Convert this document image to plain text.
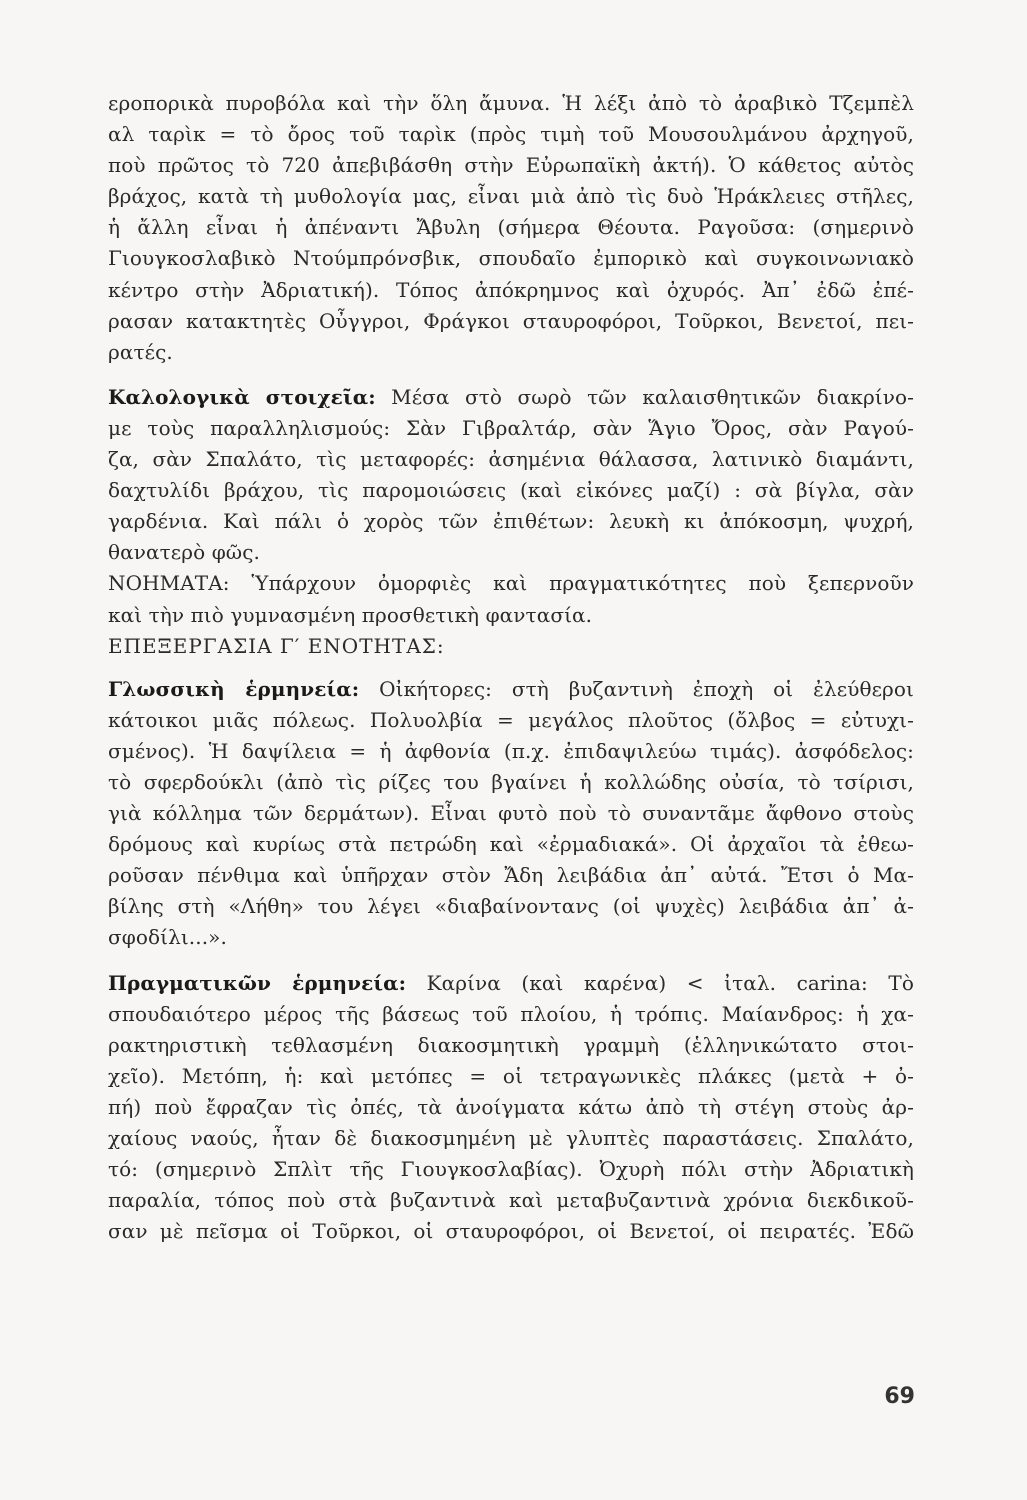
εροπορικὰ πυροβόλα καὶ τὴν ὅλη ἄμυνα. Ἡ λέξι ἀπὸ τὸ ἀραβικὸ Τζεμπὲλ
αλ ταρὶκ = τὸ ὄρος τοῦ ταρὶκ (πρὸς τιμὴ τοῦ Μουσουλμάνου ἀρχηγοῦ,
ποὺ πρῶτος τὸ 720 ἀπεβιβάσθη στὴν Εὐρωπαϊκὴ ἀκτή). Ὁ κάθετος αὐτὸς
βράχος, κατὰ τὴ μυθολογία μας, εἶναι μιὰ ἀπὸ τὶς δυὸ Ἡράκλειες στῆλες,
ἡ ἄλλη εἶναι ἡ ἀπέναντι Ἄβυλη (σήμερα Θέουτα. Ραγοῦσα: (σημερινὸ
Γιουγκοσλαβικὸ Ντούμπρόνσβικ, σπουδαῖο ἐμπορικὸ καὶ συγκοινωνιακὸ
κέντρο στὴν Ἀδριατική). Τόπος ἀπόκρημνος καὶ ὀχυρός. Ἀπ᾽ ἐδῶ ἐπέ-
ρασαν κατακτητὲς Οὖγγροι, Φράγκοι σταυροφόροι, Τοῦρκοι, Βενετοί, πει-
ρατές.
Καλολογικὰ στοιχεῖα: Μέσα στὸ σωρὸ τῶν καλαισθητικῶν διακρίνο-
με τοὺς παραλληλισμούς: Σὰν Γιβραλτάρ, σὰν Ἅγιο Ὄρος, σὰν Ραγού-
ζα, σὰν Σπαλάτο, τὶς μεταφορές: ἀσημένια θάλασσα, λατινικὸ διαμάντι,
δαχτυλίδι βράχου, τὶς παρομοιώσεις (καὶ εἰκόνες μαζί) : σὰ βίγλα, σὰν
γαρδένια. Καὶ πάλι ὁ χορὸς τῶν ἐπιθέτων: λευκὴ κι ἀπόκοσμη, ψυχρή,
θανατερὸ φῶς.
ΝΟΗΜΑΤΑ: Ὑπάρχουν ὀμορφιὲς καὶ πραγματικότητες ποὺ ξεπερνοῦν
καὶ τὴν πιὸ γυμνασμένη προσθετικὴ φαντασία.
ΕΠΕΞΕΡΓΑΣΙΑ Γ′ ΕΝΟΤΗΤΑΣ:
Γλωσσικὴ ἑρμηνεία: Οἰκήτορες: στὴ βυζαντινὴ ἐποχὴ οἱ ἐλεύθεροι
κάτοικοι μιᾶς πόλεως. Πολυολβία = μεγάλος πλοῦτος (ὄλβος = εὐτυχι-
σμένος). Ἡ δαψίλεια = ἡ ἀφθονία (π.χ. ἐπιδαψιλεύω τιμάς). ἀσφόδελος:
τὸ σφερδούκλι (ἀπὸ τὶς ρίζες του βγαίνει ἡ κολλώδης οὐσία, τὸ τσίρισι,
γιὰ κόλλημα τῶν δερμάτων). Εἶναι φυτὸ ποὺ τὸ συναντᾶμε ἄφθονο στοὺς
δρόμους καὶ κυρίως στὰ πετρώδη καὶ «ἐρμαδιακά». Οἱ ἀρχαῖοι τὰ ἐθεω-
ροῦσαν πένθιμα καὶ ὑπῆρχαν στὸν Ἄδη λειβάδια ἀπ᾽ αὐτά. Ἔτσι ὁ Μα-
βίλης στὴ «Λήθη» του λέγει «διαβαίνοντανς (οἱ ψυχὲς) λειβάδια ἀπ᾽ ἀ-
σφοδίλι...».
Πραγματικῶν ἑρμηνεία: Καρίνα (καὶ καρένα) < ἰταλ. carina: Τὸ
σπουδαιότερο μέρος τῆς βάσεως τοῦ πλοίου, ἡ τρόπις. Μαίανδρος: ἡ χα-
ρακτηριστικὴ τεθλασμένη διακοσμητικὴ γραμμὴ (ἑλληνικώτατο στοι-
χεῖο). Μετόπη, ἡ: καὶ μετόπες = οἱ τετραγωνικὲς πλάκες (μετὰ + ὀ-
πή) ποὺ ἔφραζαν τὶς ὀπές, τὰ ἀνοίγματα κάτω ἀπὸ τὴ στέγη στοὺς ἀρ-
χαίους ναούς, ἦταν δὲ διακοσμημένη μὲ γλυπτὲς παραστάσεις. Σπαλάτο,
τό: (σημερινὸ Σπλὶτ τῆς Γιουγκοσλαβίας). Ὀχυρὴ πόλι στὴν Ἀδριατικὴ
παραλία, τόπος ποὺ στὰ βυζαντινὰ καὶ μεταβυζαντινὰ χρόνια διεκδικοῦ-
σαν μὲ πεῖσμα οἱ Τοῦρκοι, οἱ σταυροφόροι, οἱ Βενετοί, οἱ πειρατές. Ἐδῶ
69
